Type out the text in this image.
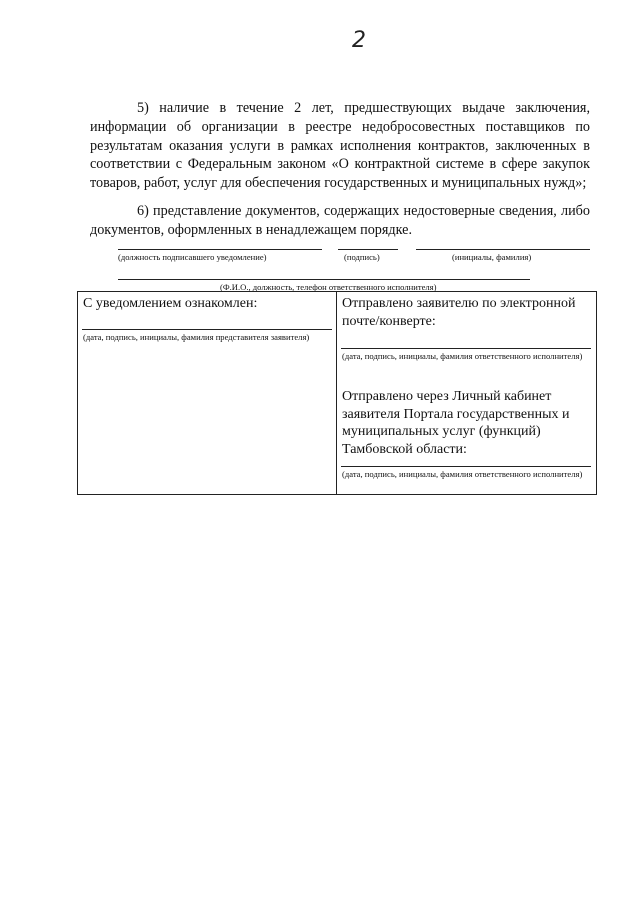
2

5) наличие в течение 2 лет, предшествующих выдаче заключения, информации об организации в реестре недобросовестных поставщиков по результатам оказания услуги в рамках исполнения контрактов, заключенных в соответствии с Федеральным законом «О контрактной системе в сфере закупок товаров, работ, услуг для обеспечения государственных и муниципальных нужд»;

6) представление документов, содержащих недостоверные сведения, либо документов, оформленных в ненадлежащем порядке.

(должность подписавшего уведомление)	(подпись)	(инициалы, фамилия)
(Ф.И.О., должность, телефон ответственного исполнителя)
С уведомлением ознакомлен:
(дата, подпись, инициалы, фамилия представителя заявителя)
Отправлено заявителю по электронной почте/конверте:
(дата, подпись, инициалы, фамилия ответственного исполнителя)
Отправлено через Личный кабинет заявителя Портала государственных и муниципальных услуг (функций) Тамбовской области:
(дата, подпись, инициалы, фамилия ответственного исполнителя)
